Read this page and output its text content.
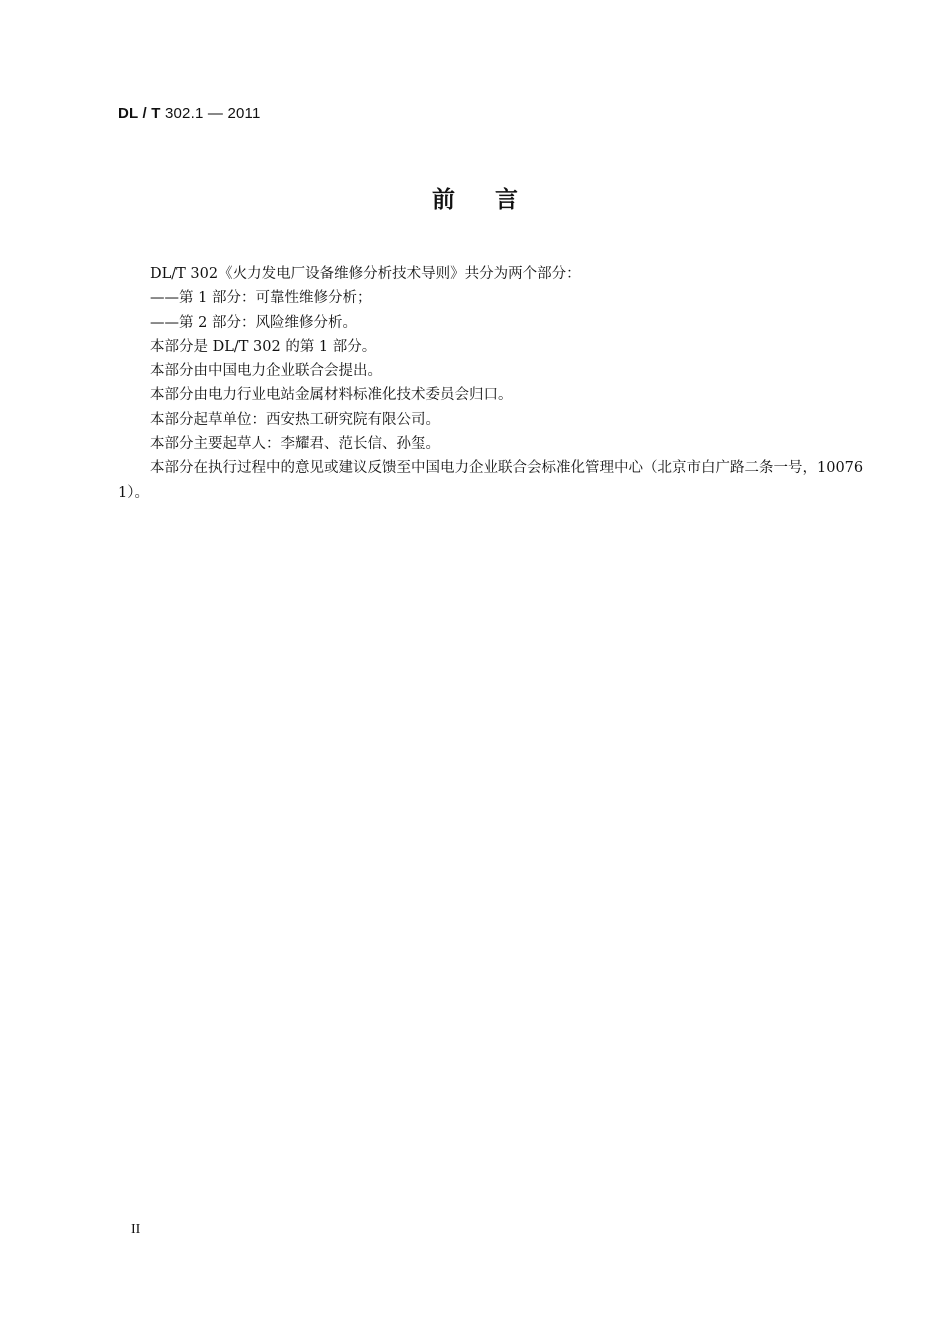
DL / T 302.1 — 2011
前言

DL/T 302《火力发电厂设备维修分析技术导则》共分为两个部分：

——第 1 部分：可靠性维修分析；

——第 2 部分：风险维修分析。

本部分是 DL/T 302 的第 1 部分。

本部分由中国电力企业联合会提出。

本部分由电力行业电站金属材料标准化技术委员会归口。

本部分起草单位：西安热工研究院有限公司。

本部分主要起草人：李耀君、范长信、孙玺。

本部分在执行过程中的意见或建议反馈至中国电力企业联合会标准化管理中心（北京市白广路二条一号，100761）。

II
